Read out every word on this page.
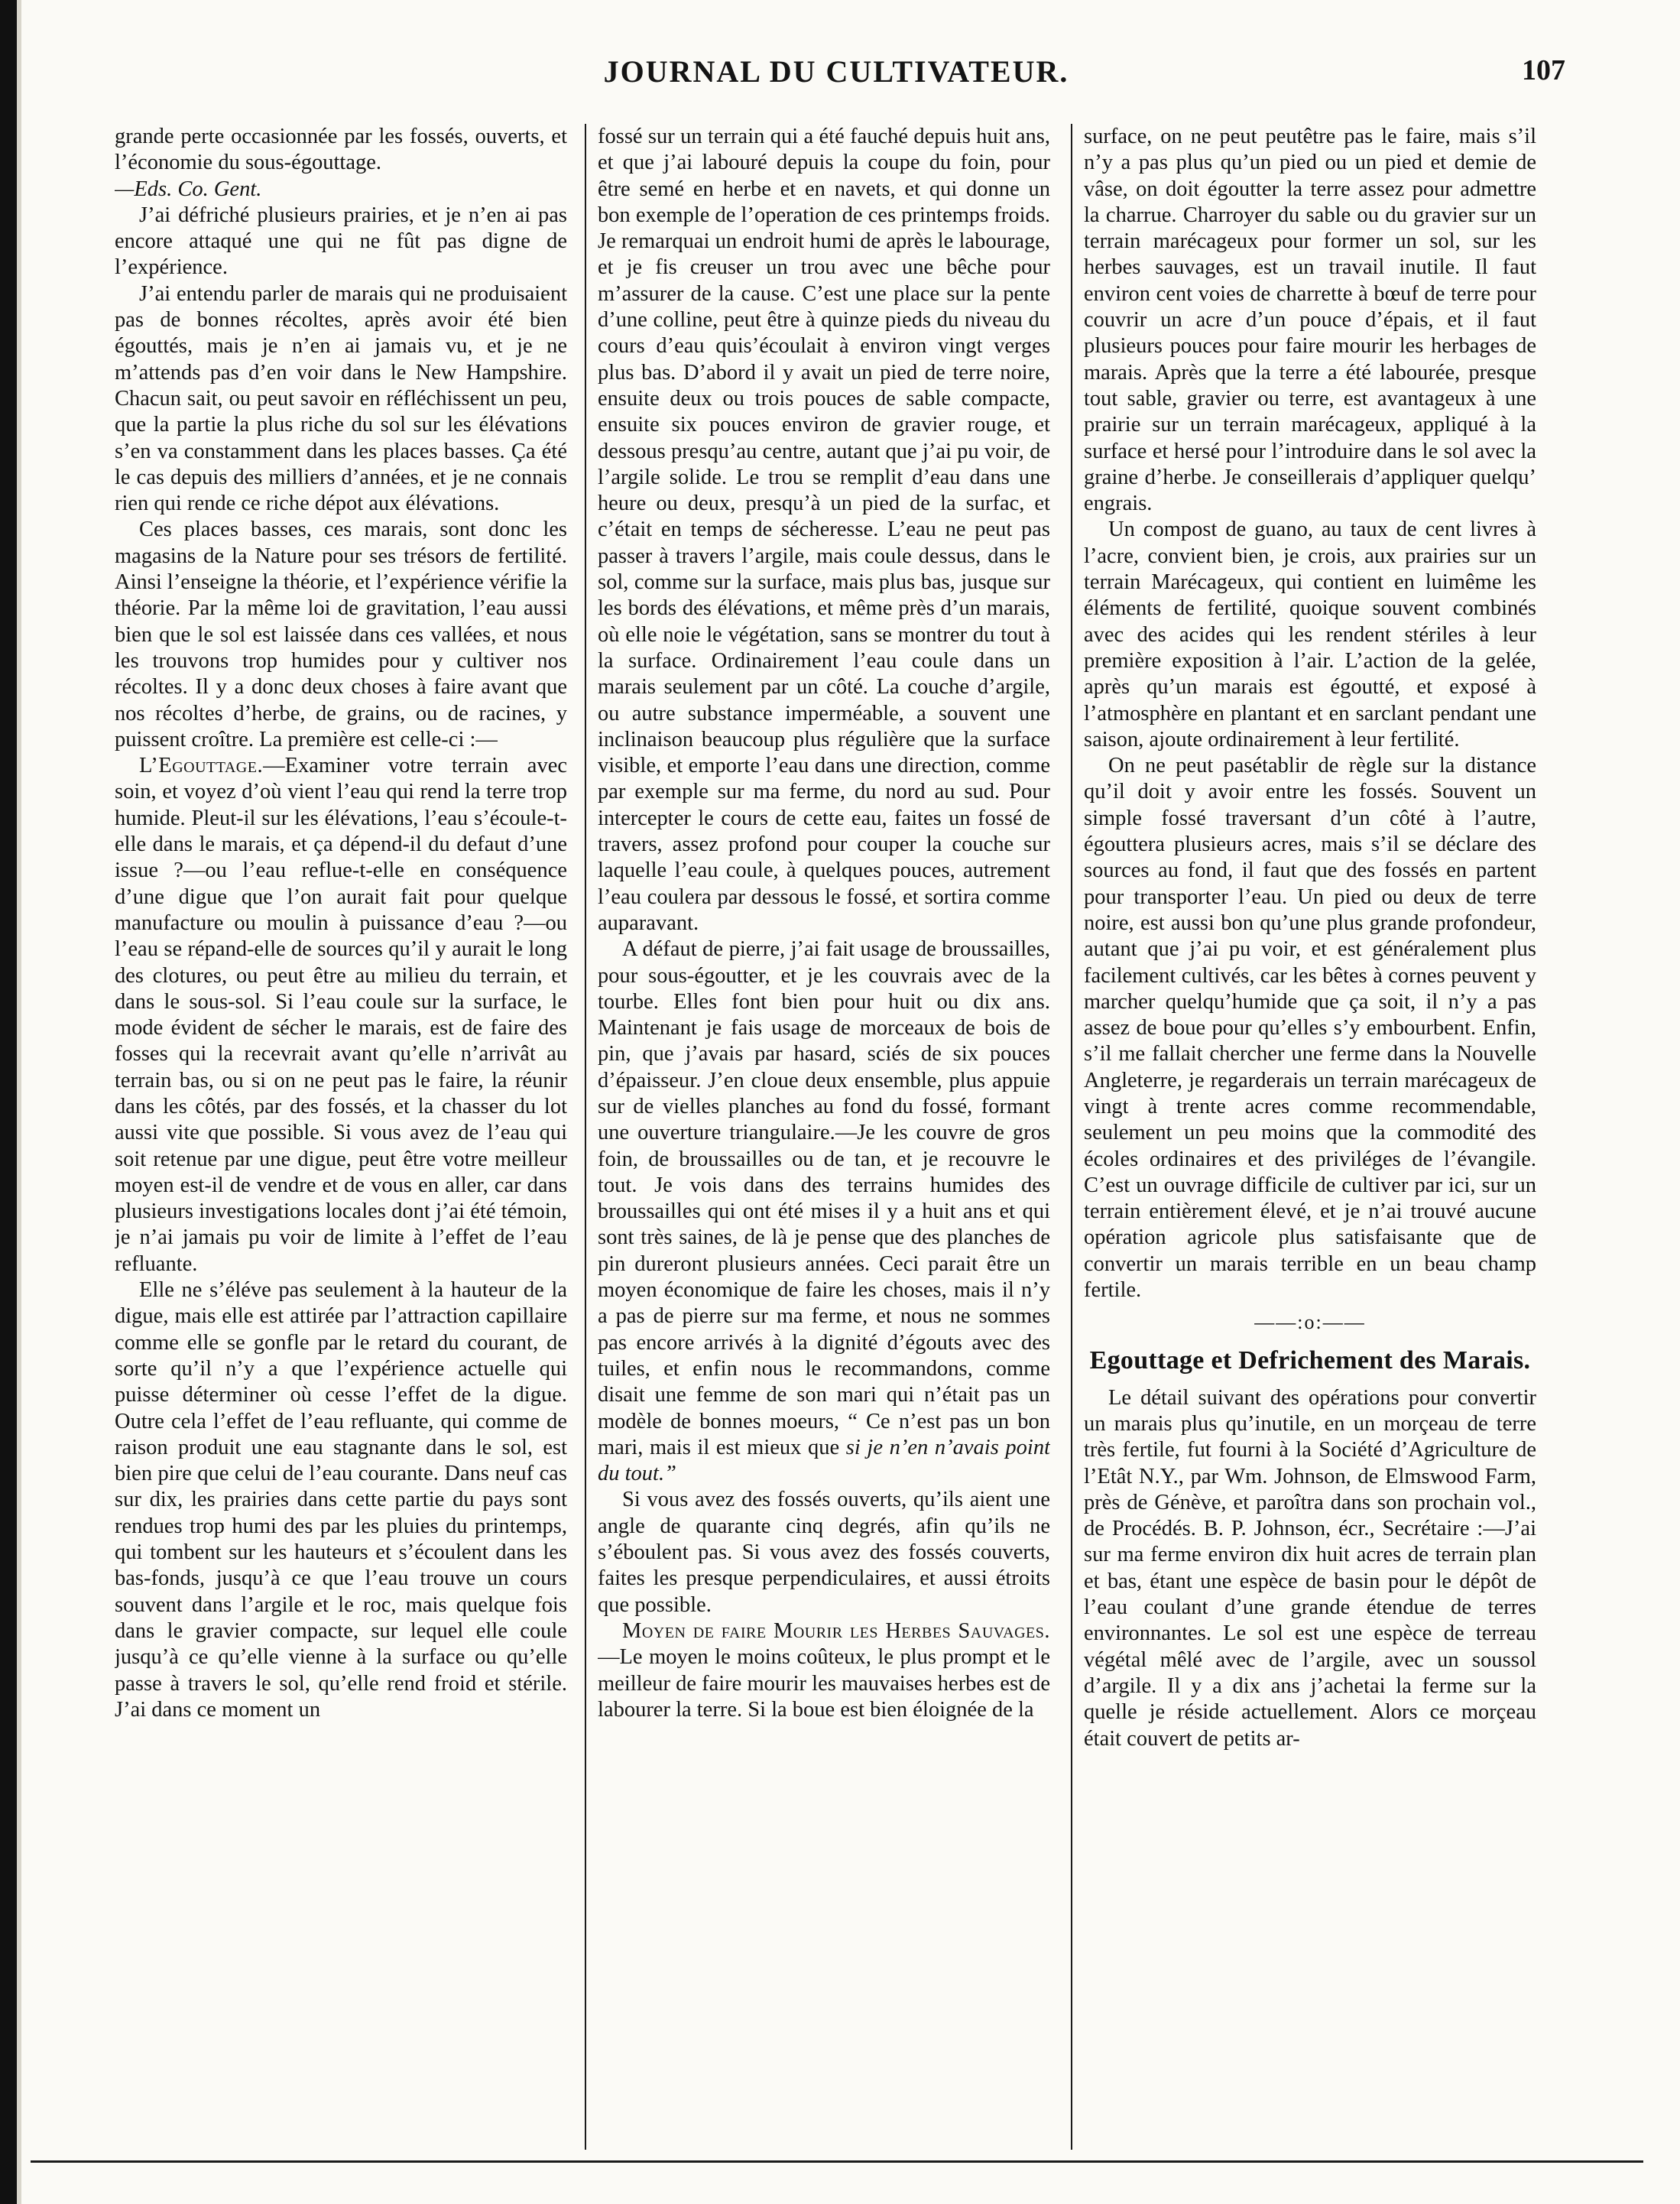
JOURNAL DU CULTIVATEUR.	107

grande perte occasionnée par les fossés, ouverts, et l’économie du sous-égouttage.
—Eds. Co. Gent.

J’ai défriché plusieurs prairies, et je n’en ai pas encore attaqué une qui ne fût pas digne de l’expérience.

J’ai entendu parler de marais qui ne produisaient pas de bonnes récoltes, après avoir été bien égouttés, mais je n’en ai jamais vu, et je ne m’attends pas d’en voir dans le New Hampshire. Chacun sait, ou peut savoir en réfléchissent un peu, que la partie la plus riche du sol sur les élévations s’en va constamment dans les places basses. Ça été le cas depuis des milliers d’années, et je ne connais rien qui rende ce riche dépot aux élévations.

Ces places basses, ces marais, sont donc les magasins de la Nature pour ses trésors de fertilité. Ainsi l’enseigne la théorie, et l’expérience vérifie la théorie. Par la même loi de gravitation, l’eau aussi bien que le sol est laissée dans ces vallées, et nous les trouvons trop humides pour y cultiver nos récoltes. Il y a donc deux choses à faire avant que nos récoltes d’herbe, de grains, ou de racines, y puissent croître. La première est celle-ci :—

L’Egouttage.—Examiner votre terrain avec soin, et voyez d’où vient l’eau qui rend la terre trop humide. Pleut-il sur les élévations, l’eau s’écoule-t-elle dans le marais, et ça dépend-il du defaut d’une issue ?—ou l’eau reflue-t-elle en conséquence d’une digue que l’on aurait fait pour quelque manufacture ou moulin à puissance d’eau ?—ou l’eau se répand-elle de sources qu’il y aurait le long des clotures, ou peut être au milieu du terrain, et dans le sous-sol. Si l’eau coule sur la surface, le mode évident de sécher le marais, est de faire des fosses qui la recevrait avant qu’elle n’arrivât au terrain bas, ou si on ne peut pas le faire, la réunir dans les côtés, par des fossés, et la chasser du lot aussi vite que possible. Si vous avez de l’eau qui soit retenue par une digue, peut être votre meilleur moyen est-il de vendre et de vous en aller, car dans plusieurs investigations locales dont j’ai été témoin, je n’ai jamais pu voir de limite à l’effet de l’eau refluante.

Elle ne s’éléve pas seulement à la hauteur de la digue, mais elle est attirée par l’attraction capillaire comme elle se gonfle par le retard du courant, de sorte qu’il n’y a que l’expérience actuelle qui puisse déterminer où cesse l’effet de la digue. Outre cela l’effet de l’eau refluante, qui comme de raison produit une eau stagnante dans le sol, est bien pire que celui de l’eau courante. Dans neuf cas sur dix, les prairies dans cette partie du pays sont rendues trop humi des par les pluies du printemps, qui tombent sur les hauteurs et s’écoulent dans les bas-fonds, jusqu’à ce que l’eau trouve un cours souvent dans l’argile et le roc, mais quelque fois dans le gravier compacte, sur lequel elle coule jusqu’à ce qu’elle vienne à la surface ou qu’elle passe à travers le sol, qu’elle rend froid et stérile. J’ai dans ce moment un

fossé sur un terrain qui a été fauché depuis huit ans, et que j’ai labouré depuis la coupe du foin, pour être semé en herbe et en navets, et qui donne un bon exemple de l’operation de ces printemps froids. Je remarquai un endroit humi de après le labourage, et je fis creuser un trou avec une bêche pour m’assurer de la cause. C’est une place sur la pente d’une colline, peut être à quinze pieds du niveau du cours d’eau quis’écoulait à environ vingt verges plus bas. D’abord il y avait un pied de terre noire, ensuite deux ou trois pouces de sable compacte, ensuite six pouces environ de gravier rouge, et dessous presqu’au centre, autant que j’ai pu voir, de l’argile solide. Le trou se remplit d’eau dans une heure ou deux, presqu’à un pied de la surfac, et c’était en temps de sécheresse. L’eau ne peut pas passer à travers l’argile, mais coule dessus, dans le sol, comme sur la surface, mais plus bas, jusque sur les bords des élévations, et même près d’un marais, où elle noie le végétation, sans se montrer du tout à la surface. Ordinairement l’eau coule dans un marais seulement par un côté. La couche d’argile, ou autre substance imperméable, a souvent une inclinaison beaucoup plus régulière que la surface visible, et emporte l’eau dans une direction, comme par exemple sur ma ferme, du nord au sud. Pour intercepter le cours de cette eau, faites un fossé de travers, assez profond pour couper la couche sur laquelle l’eau coule, à quelques pouces, autrement l’eau coulera par dessous le fossé, et sortira comme auparavant.

A défaut de pierre, j’ai fait usage de broussailles, pour sous-égoutter, et je les couvrais avec de la tourbe. Elles font bien pour huit ou dix ans. Maintenant je fais usage de morceaux de bois de pin, que j’avais par hasard, sciés de six pouces d’épaisseur. J’en cloue deux ensemble, plus appuie sur de vielles planches au fond du fossé, formant une ouverture triangulaire.—Je les couvre de gros foin, de broussailles ou de tan, et je recouvre le tout. Je vois dans des terrains humides des broussailles qui ont été mises il y a huit ans et qui sont très saines, de là je pense que des planches de pin dureront plusieurs années. Ceci parait être un moyen économique de faire les choses, mais il n’y a pas de pierre sur ma ferme, et nous ne sommes pas encore arrivés à la dignité d’égouts avec des tuiles, et enfin nous le recommandons, comme disait une femme de son mari qui n’était pas un modèle de bonnes moeurs, “ Ce n’est pas un bon mari, mais il est mieux que si je n’en n’avais point du tout.”

Si vous avez des fossés ouverts, qu’ils aient une angle de quarante cinq degrés, afin qu’ils ne s’éboulent pas. Si vous avez des fossés couverts, faites les presque perpendiculaires, et aussi étroits que possible.

Moyen de faire Mourir les Herbes Sauvages.—Le moyen le moins coûteux, le plus prompt et le meilleur de faire mourir les mauvaises herbes est de labourer la terre. Si la boue est bien éloignée de la

surface, on ne peut peutêtre pas le faire, mais s’il n’y a pas plus qu’un pied ou un pied et demie de vâse, on doit égoutter la terre assez pour admettre la charrue. Charroyer du sable ou du gravier sur un terrain marécageux pour former un sol, sur les herbes sauvages, est un travail inutile. Il faut environ cent voies de charrette à bœuf de terre pour couvrir un acre d’un pouce d’épais, et il faut plusieurs pouces pour faire mourir les herbages de marais. Après que la terre a été labourée, presque tout sable, gravier ou terre, est avantageux à une prairie sur un terrain marécageux, appliqué à la surface et hersé pour l’introduire dans le sol avec la graine d’herbe. Je conseillerais d’appliquer quelqu’ engrais.

Un compost de guano, au taux de cent livres à l’acre, convient bien, je crois, aux prairies sur un terrain Marécageux, qui contient en luimême les éléments de fertilité, quoique souvent combinés avec des acides qui les rendent stériles à leur première exposition à l’air. L’action de la gelée, après qu’un marais est égoutté, et exposé à l’atmosphère en plantant et en sarclant pendant une saison, ajoute ordinairement à leur fertilité.

On ne peut pasétablir de règle sur la distance qu’il doit y avoir entre les fossés. Souvent un simple fossé traversant d’un côté à l’autre, égouttera plusieurs acres, mais s’il se déclare des sources au fond, il faut que des fossés en partent pour transporter l’eau. Un pied ou deux de terre noire, est aussi bon qu’une plus grande profondeur, autant que j’ai pu voir, et est généralement plus facilement cultivés, car les bêtes à cornes peuvent y marcher quelqu’humide que ça soit, il n’y a pas assez de boue pour qu’elles s’y embourbent. Enfin, s’il me fallait chercher une ferme dans la Nouvelle Angleterre, je regarderais un terrain marécageux de vingt à trente acres comme recommendable, seulement un peu moins que la commodité des écoles ordinaires et des priviléges de l’évangile. C’est un ouvrage difficile de cultiver par ici, sur un terrain entièrement élevé, et je n’ai trouvé aucune opération agricole plus satisfaisante que de convertir un marais terrible en un beau champ fertile.

——:o:——
Egouttage et Defrichement des Marais.

Le détail suivant des opérations pour convertir un marais plus qu’inutile, en un morçeau de terre très fertile, fut fourni à la Société d’Agriculture de l’Etât N.Y., par Wm. Johnson, de Elmswood Farm, près de Génève, et paroîtra dans son prochain vol., de Procédés. B. P. Johnson, écr., Secrétaire :—J’ai sur ma ferme environ dix huit acres de terrain plan et bas, étant une espèce de basin pour le dépôt de l’eau coulant d’une grande étendue de terres environnantes. Le sol est une espèce de terreau végétal mêlé avec de l’argile, avec un soussol d’argile. Il y a dix ans j’achetai la ferme sur la quelle je réside actuellement. Alors ce morçeau était couvert de petits ar-
